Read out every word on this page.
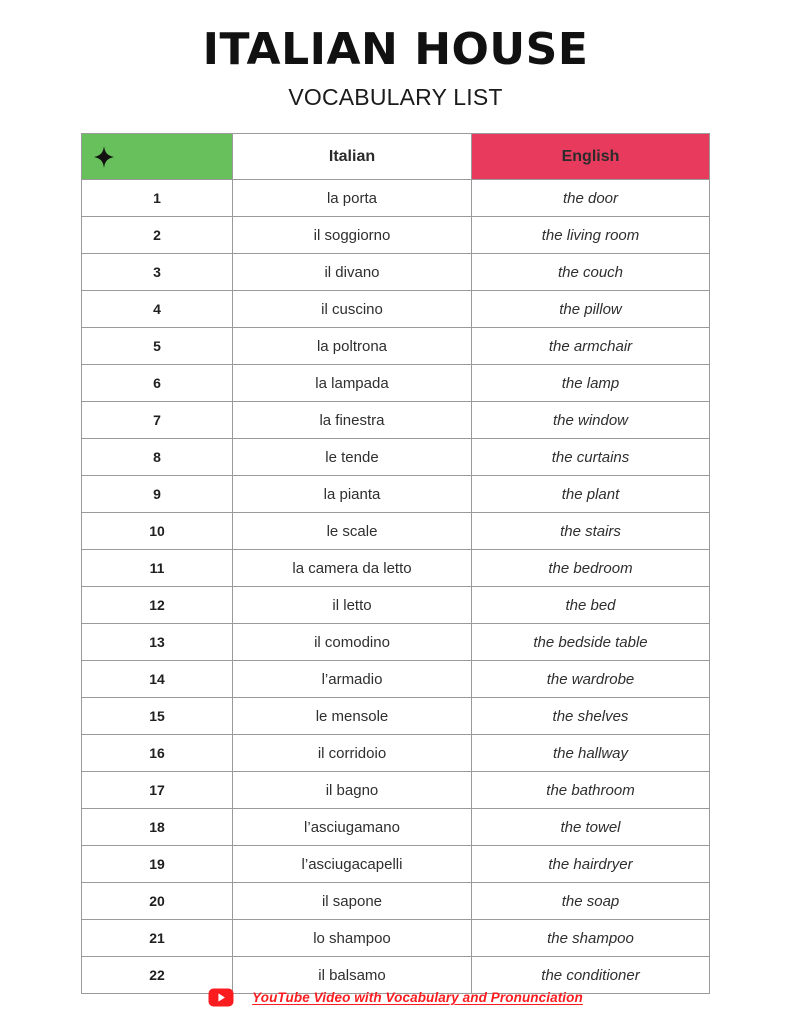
ITALIAN HOUSE
VOCABULARY LIST
	Italian	English
1	la porta	the door
2	il soggiorno	the living room
3	il divano	the couch
4	il cuscino	the pillow
5	la poltrona	the armchair
6	la lampada	the lamp
7	la finestra	the window
8	le tende	the curtains
9	la pianta	the plant
10	le scale	the stairs
11	la camera da letto	the bedroom
12	il letto	the bed
13	il comodino	the bedside table
14	l’armadio	the wardrobe
15	le mensole	the shelves
16	il corridoio	the hallway
17	il bagno	the bathroom
18	l’asciugamano	the towel
19	l’asciugacapelli	the hairdryer
20	il sapone	the soap
21	lo shampoo	the shampoo
22	il balsamo	the conditioner
YouTube Video with Vocabulary and Pronunciation
